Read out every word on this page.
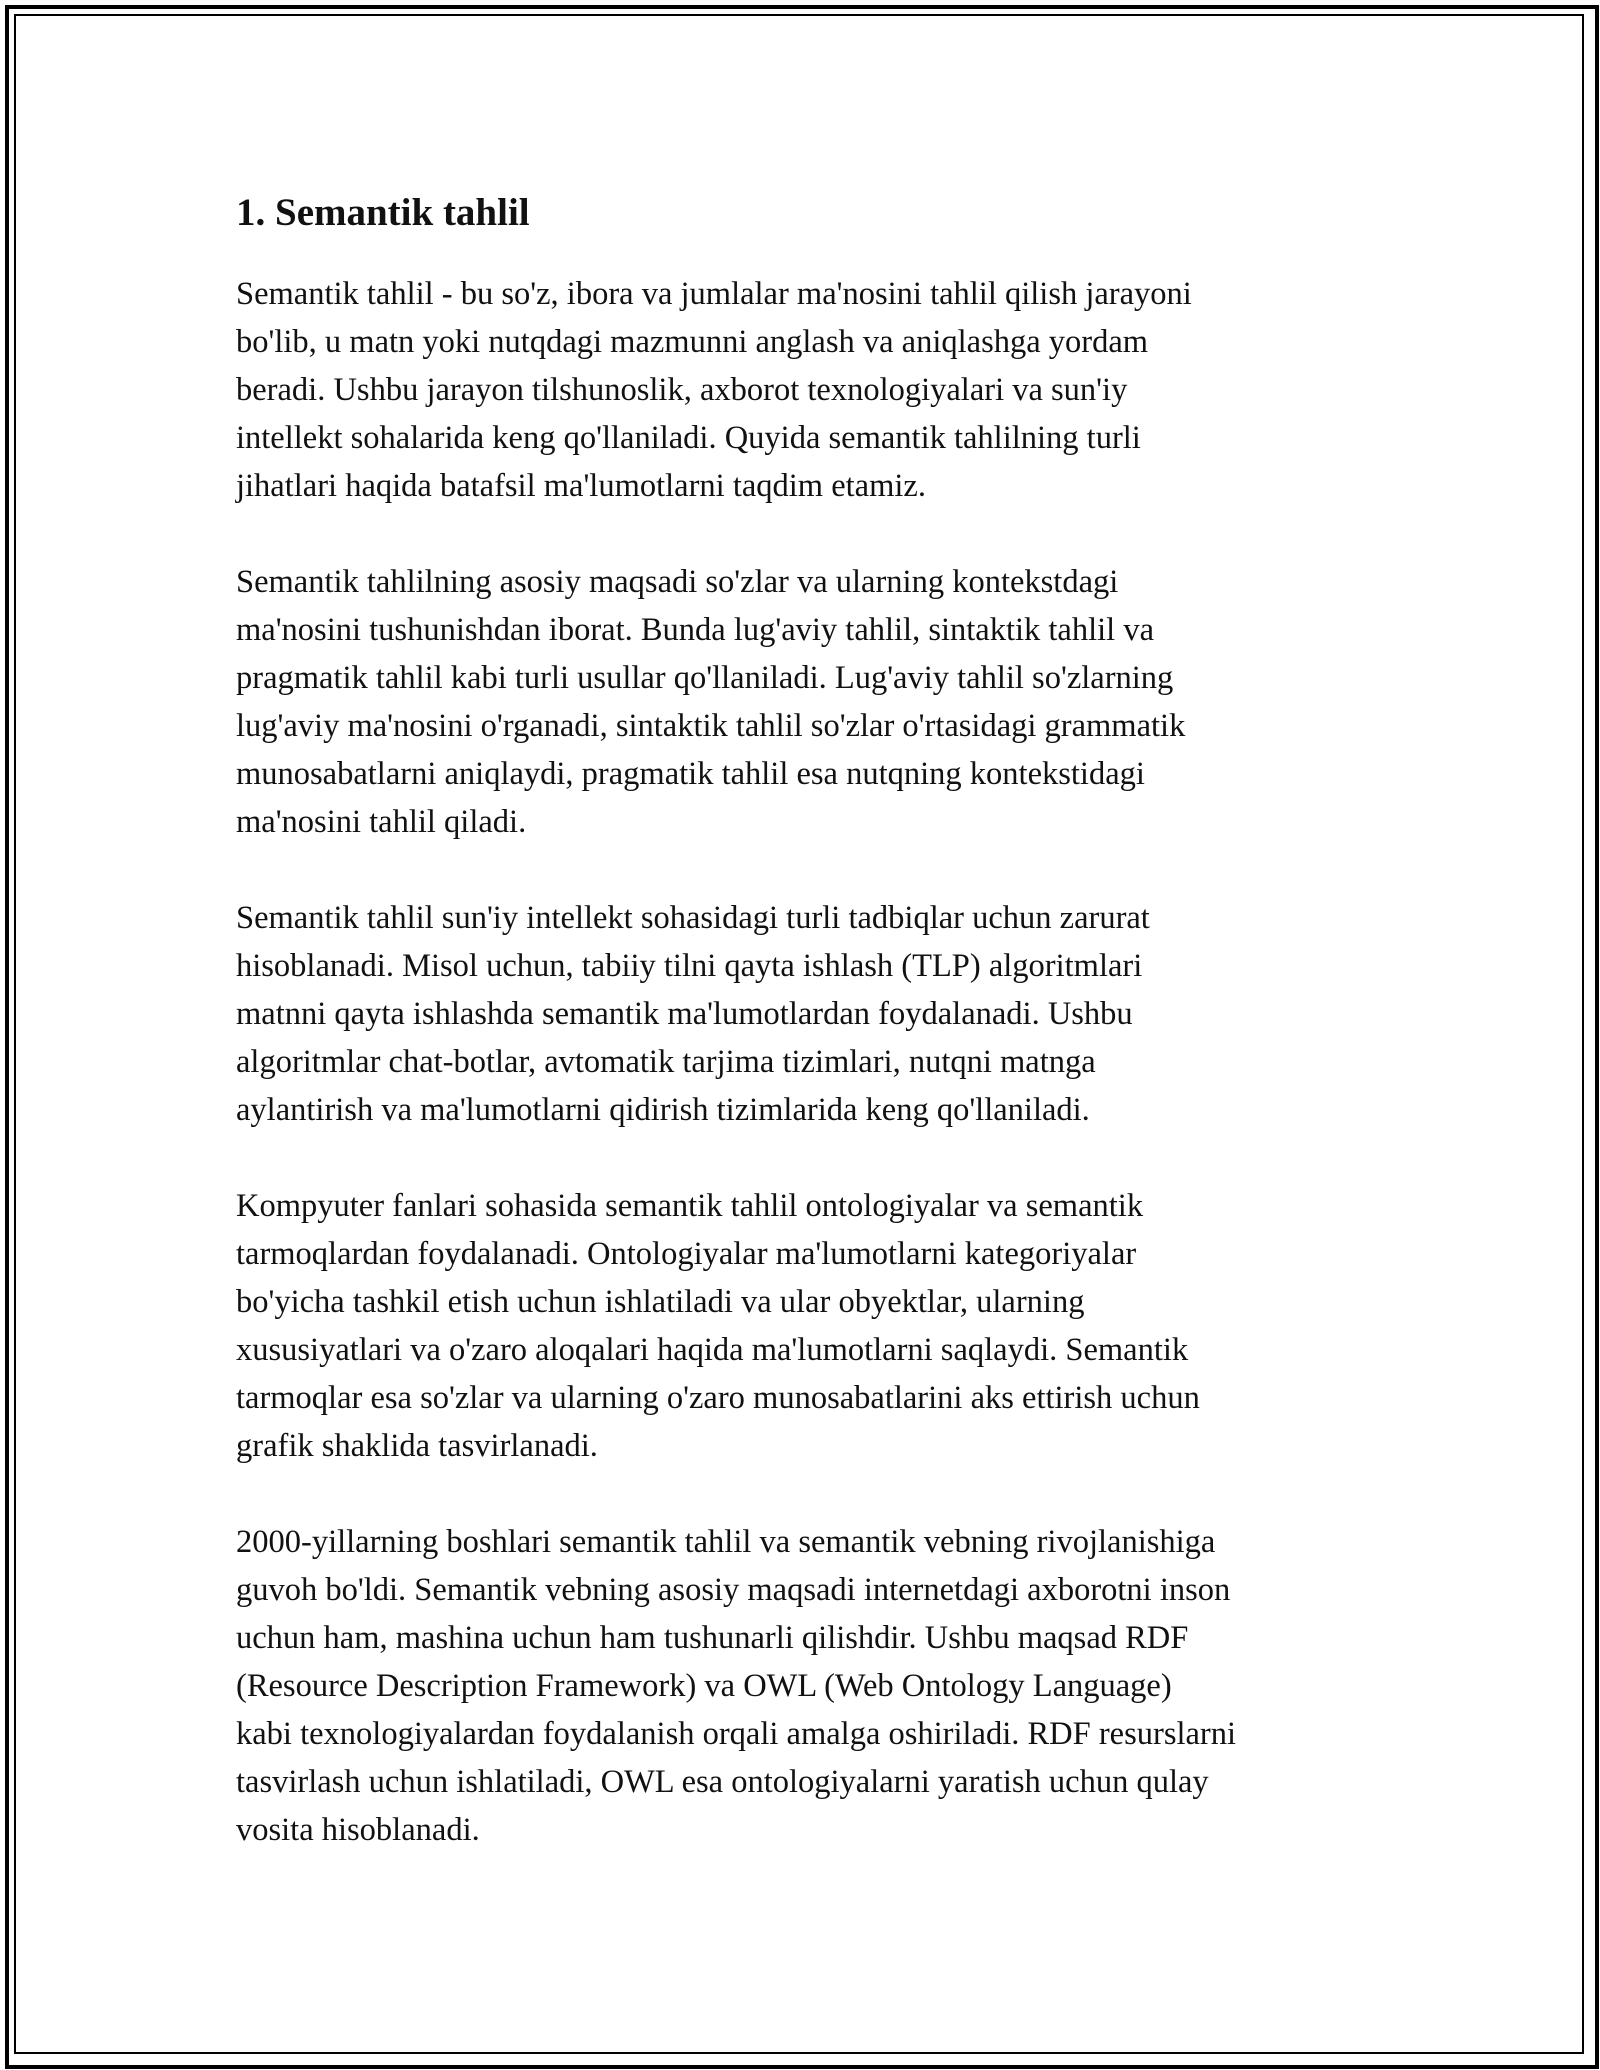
1. Semantik tahlil

Semantik tahlil - bu so'z, ibora va jumlalar ma'nosini tahlil qilish jarayoni
bo'lib, u matn yoki nutqdagi mazmunni anglash va aniqlashga yordam
beradi. Ushbu jarayon tilshunoslik, axborot texnologiyalari va sun'iy
intellekt sohalarida keng qo'llaniladi. Quyida semantik tahlilning turli
jihatlari haqida batafsil ma'lumotlarni taqdim etamiz.

Semantik tahlilning asosiy maqsadi so'zlar va ularning kontekstdagi
ma'nosini tushunishdan iborat. Bunda lug'aviy tahlil, sintaktik tahlil va
pragmatik tahlil kabi turli usullar qo'llaniladi. Lug'aviy tahlil so'zlarning
lug'aviy ma'nosini o'rganadi, sintaktik tahlil so'zlar o'rtasidagi grammatik
munosabatlarni aniqlaydi, pragmatik tahlil esa nutqning kontekstidagi
ma'nosini tahlil qiladi.

Semantik tahlil sun'iy intellekt sohasidagi turli tadbiqlar uchun zarurat
hisoblanadi. Misol uchun, tabiiy tilni qayta ishlash (TLP) algoritmlari
matnni qayta ishlashda semantik ma'lumotlardan foydalanadi. Ushbu
algoritmlar chat-botlar, avtomatik tarjima tizimlari, nutqni matnga
aylantirish va ma'lumotlarni qidirish tizimlarida keng qo'llaniladi.

Kompyuter fanlari sohasida semantik tahlil ontologiyalar va semantik
tarmoqlardan foydalanadi. Ontologiyalar ma'lumotlarni kategoriyalar
bo'yicha tashkil etish uchun ishlatiladi va ular obyektlar, ularning
xususiyatlari va o'zaro aloqalari haqida ma'lumotlarni saqlaydi. Semantik
tarmoqlar esa so'zlar va ularning o'zaro munosabatlarini aks ettirish uchun
grafik shaklida tasvirlanadi.

2000-yillarning boshlari semantik tahlil va semantik vebning rivojlanishiga
guvoh bo'ldi. Semantik vebning asosiy maqsadi internetdagi axborotni inson
uchun ham, mashina uchun ham tushunarli qilishdir. Ushbu maqsad RDF
(Resource Description Framework) va OWL (Web Ontology Language)
kabi texnologiyalardan foydalanish orqali amalga oshiriladi. RDF resurslarni
tasvirlash uchun ishlatiladi, OWL esa ontologiyalarni yaratish uchun qulay
vosita hisoblanadi.
